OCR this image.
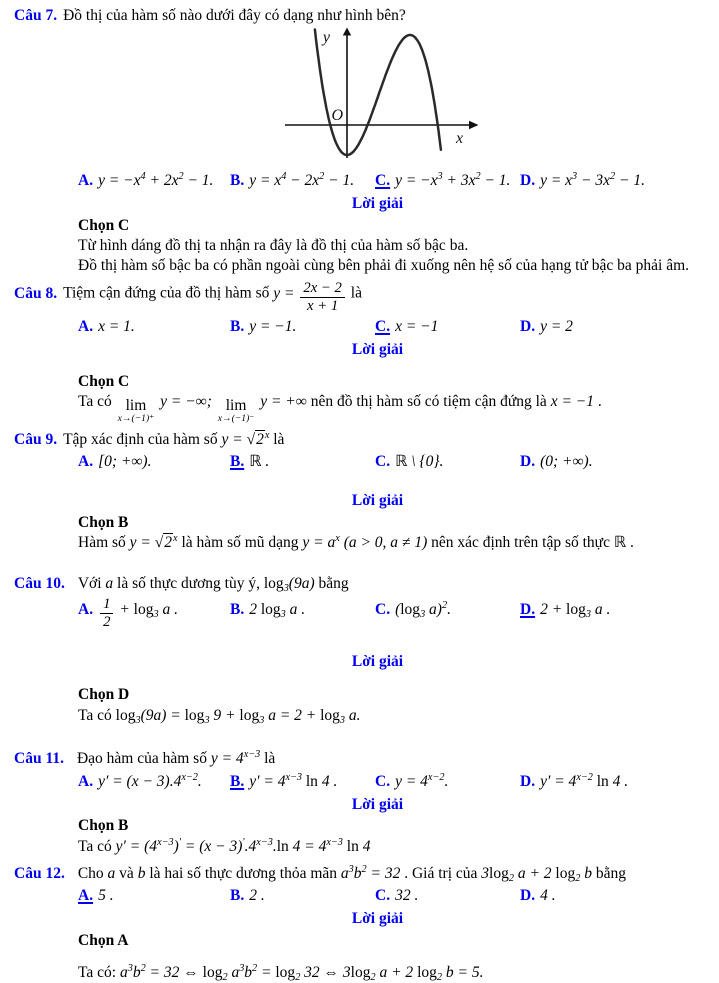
Câu 7. Đồ thị của hàm số nào dưới đây có dạng như hình bên?
y
x
O
A. $y = -x^4 + 2x^2 - 1$.	B. $y = x^4 - 2x^2 - 1$.	C. $y = -x^3 + 3x^2 - 1$. D. $y = x^3 - 3x^2 - 1$.
Lời giải
Chọn C
Từ hình dáng đồ thị ta nhận ra đây là đồ thị của hàm số bậc ba.
Đồ thị hàm số bậc ba có phần ngoài cùng bên phải đi xuống nên hệ số của hạng tử bậc ba phải âm.
Câu 8. Tiệm cận đứng của đồ thị hàm số $y = \frac{2x - 2}{x + 1}$ là
A. x = 1.	B. y = −1.	C. x = −1	D. y = 2
Lời giải
Chọn C
Ta có lim
x→(−1)⁺
y = −∞; lim
x→(−1)⁻
y = +∞ nên đồ thị hàm số có tiệm cận đứng là x = −1 .
Câu 9. Tập xác định của hàm số $y = √2^x$ là
A. [0; +∞).	B. ℝ .	C. ℝ \ {0}.	D. (0; +∞).
Lời giải
Chọn B
Hàm số $y = √2^x$ là hàm số mũ dạng $y = a^x$ (a > 0, a ≠ 1) nên xác định trên tập số thực ℝ .
Câu 10. Với a là số thực dương tùy ý, $\log_3(9a)$ bằng
A. $\frac{1}{2} + \log_3 a$ .	B. 2 $\log_3 a$ .	C. ($\log_3$ a)$^2$.	D. $2 + \log_3 a$ .
Lời giải
Chọn D
Ta có $\log_3(9a) = \log_3 9 + \log_3 a = 2 + \log_3 a$.
Câu 11. Đạo hàm của hàm số $y = 4^{x-3}$ là
A. $y' = (x - 3).4^{x-2}$.	B. $y' = 4^{x-3}$ ln 4 .	C. $y = 4^{x-2}$.	D. $y' = 4^{x-2}$ ln 4 .
Lời giải
Chọn B
Ta có $y' = (4^{x-3})' = (x - 3)'.4^{x-3}.\ln$ $4 = 4^{x-3}$ ln 4
Câu 12. Cho a và b là hai số thực dương thỏa mãn $a^3b^2 = 32$ . Giá trị của $3\log_2$ a + 2 $\log_2 b$ bằng
A. 5 .	B. 2 .	C. 32 .	D. 4 .
Lời giải
Chọn A
Ta có: $a^3b^2 = 32$ ⇔ $\log_2 a^3b^2 = \log_2 32$ ⇔ $3\log_2$ a + 2 $\log_2 b = 5$.
